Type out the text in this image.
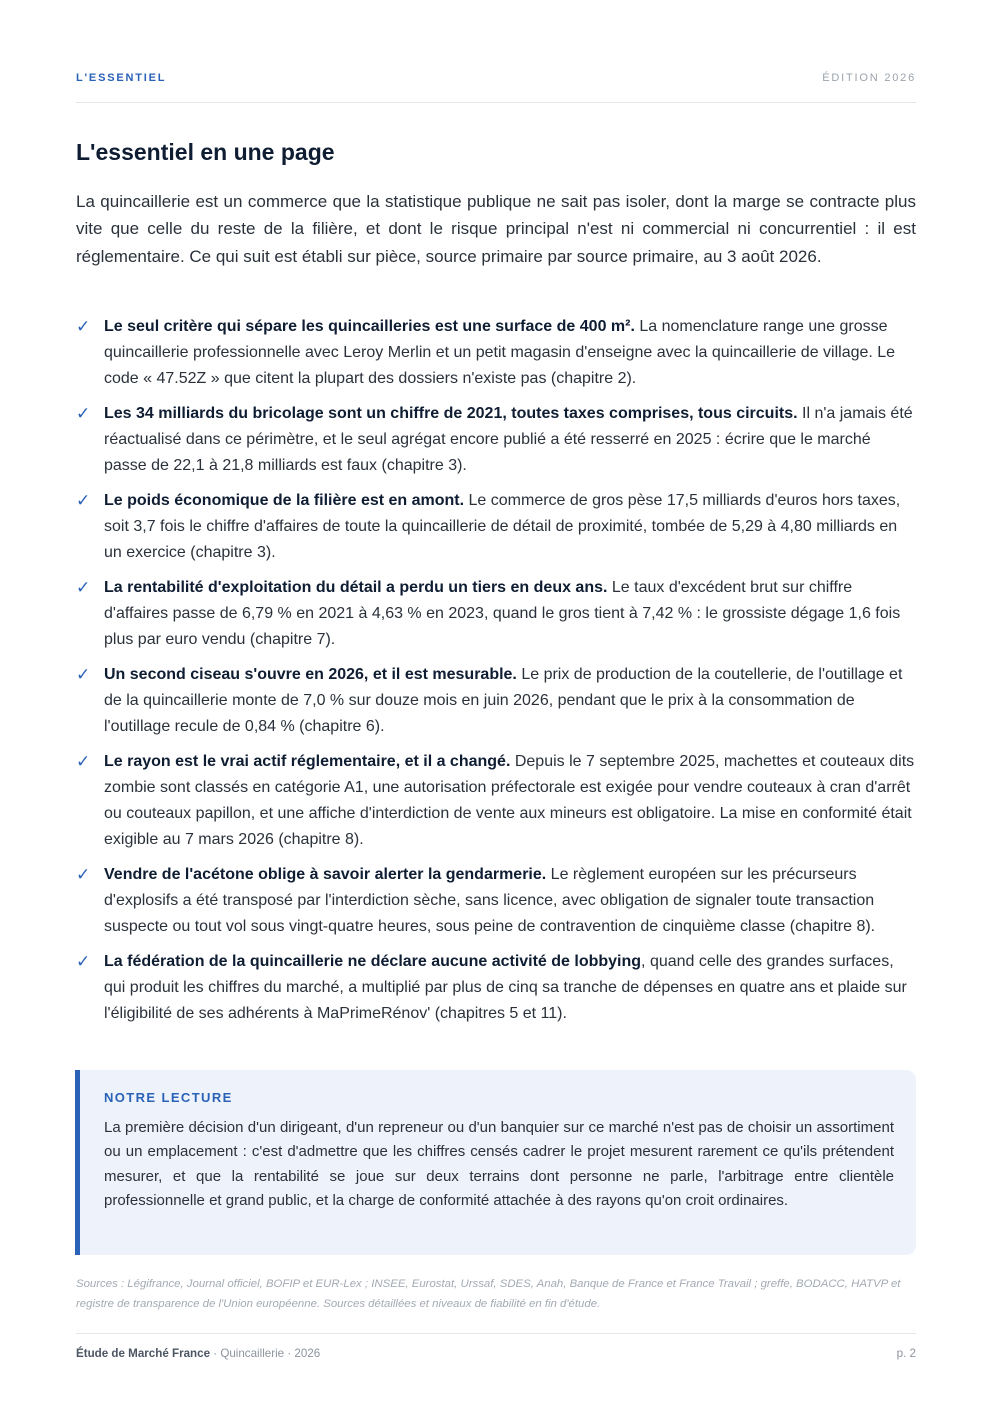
L'ESSENTIEL	ÉDITION 2026
L'essentiel en une page

La quincaillerie est un commerce que la statistique publique ne sait pas isoler, dont la marge se contracte plus vite que celle du reste de la filière, et dont le risque principal n'est ni commercial ni concurrentiel : il est réglementaire. Ce qui suit est établi sur pièce, source primaire par source primaire, au 3 août 2026.

✓ Le seul critère qui sépare les quincailleries est une surface de 400 m². La nomenclature range une grosse quincaillerie professionnelle avec Leroy Merlin et un petit magasin d'enseigne avec la quincaillerie de village. Le code « 47.52Z » que citent la plupart des dossiers n'existe pas (chapitre 2).
✓ Les 34 milliards du bricolage sont un chiffre de 2021, toutes taxes comprises, tous circuits. Il n'a jamais été réactualisé dans ce périmètre, et le seul agrégat encore publié a été resserré en 2025 : écrire que le marché passe de 22,1 à 21,8 milliards est faux (chapitre 3).
✓ Le poids économique de la filière est en amont. Le commerce de gros pèse 17,5 milliards d'euros hors taxes, soit 3,7 fois le chiffre d'affaires de toute la quincaillerie de détail de proximité, tombée de 5,29 à 4,80 milliards en un exercice (chapitre 3).
✓ La rentabilité d'exploitation du détail a perdu un tiers en deux ans. Le taux d'excédent brut sur chiffre d'affaires passe de 6,79 % en 2021 à 4,63 % en 2023, quand le gros tient à 7,42 % : le grossiste dégage 1,6 fois plus par euro vendu (chapitre 7).
✓ Un second ciseau s'ouvre en 2026, et il est mesurable. Le prix de production de la coutellerie, de l'outillage et de la quincaillerie monte de 7,0 % sur douze mois en juin 2026, pendant que le prix à la consommation de l'outillage recule de 0,84 % (chapitre 6).
✓ Le rayon est le vrai actif réglementaire, et il a changé. Depuis le 7 septembre 2025, machettes et couteaux dits zombie sont classés en catégorie A1, une autorisation préfectorale est exigée pour vendre couteaux à cran d'arrêt ou couteaux papillon, et une affiche d'interdiction de vente aux mineurs est obligatoire. La mise en conformité était exigible au 7 mars 2026 (chapitre 8).
✓ Vendre de l'acétone oblige à savoir alerter la gendarmerie. Le règlement européen sur les précurseurs d'explosifs a été transposé par l'interdiction sèche, sans licence, avec obligation de signaler toute transaction suspecte ou tout vol sous vingt-quatre heures, sous peine de contravention de cinquième classe (chapitre 8).
✓ La fédération de la quincaillerie ne déclare aucune activité de lobbying, quand celle des grandes surfaces, qui produit les chiffres du marché, a multiplié par plus de cinq sa tranche de dépenses en quatre ans et plaide sur l'éligibilité de ses adhérents à MaPrimeRénov' (chapitres 5 et 11).
NOTRE LECTURE
La première décision d'un dirigeant, d'un repreneur ou d'un banquier sur ce marché n'est pas de choisir un assortiment ou un emplacement : c'est d'admettre que les chiffres censés cadrer le projet mesurent rarement ce qu'ils prétendent mesurer, et que la rentabilité se joue sur deux terrains dont personne ne parle, l'arbitrage entre clientèle professionnelle et grand public, et la charge de conformité attachée à des rayons qu'on croit ordinaires.
Sources : Légifrance, Journal officiel, BOFIP et EUR-Lex ; INSEE, Eurostat, Urssaf, SDES, Anah, Banque de France et France Travail ; greffe, BODACC, HATVP et registre de transparence de l'Union européenne. Sources détaillées et niveaux de fiabilité en fin d'étude.
Étude de Marché France · Quincaillerie · 2026	p. 2
